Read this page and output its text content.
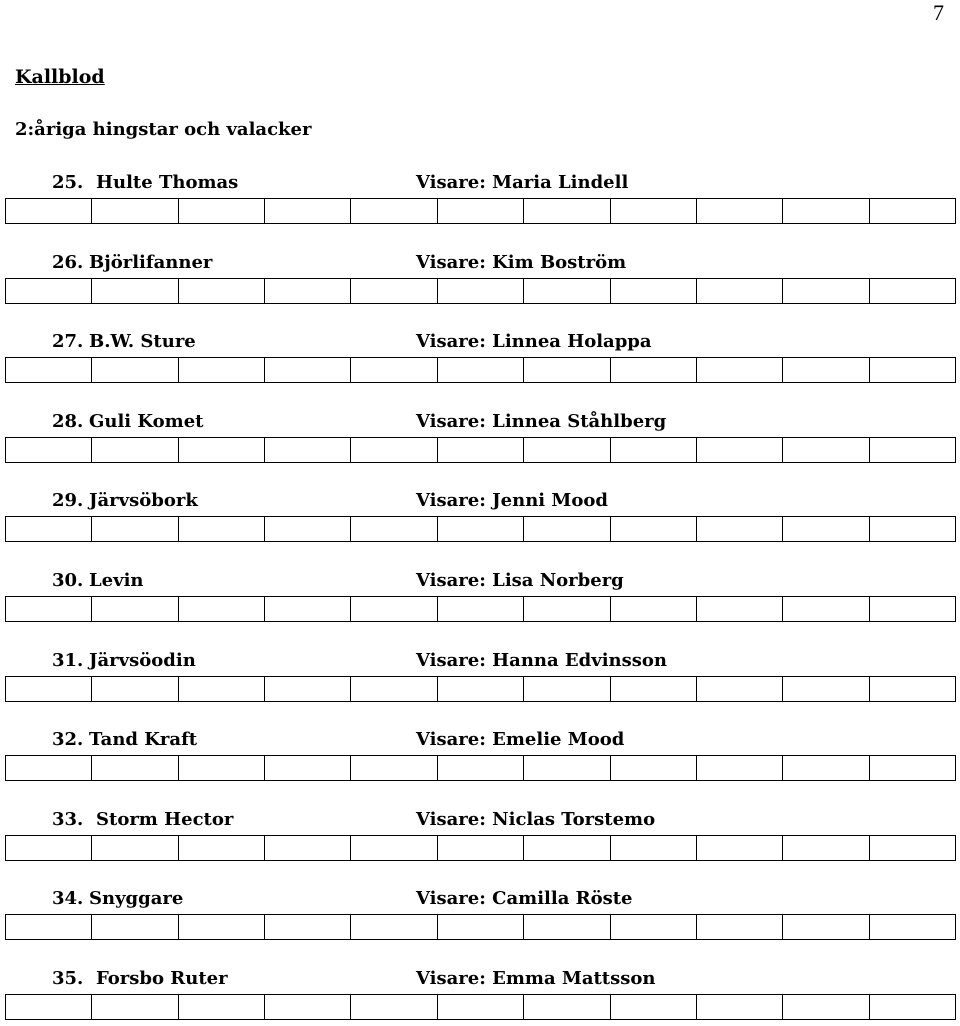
7
Kallblod
2:åriga hingstar och valacker
25. Hulte Thomas	Visare: Maria Lindell

26. Björlifanner	Visare: Kim Boström

27. B.W. Sture	Visare: Linnea Holappa

28. Guli Komet	Visare: Linnea Ståhlberg

29. Järvsöbork	Visare: Jenni Mood

30. Levin	Visare: Lisa Norberg

31. Järvsöodin	Visare: Hanna Edvinsson

32. Tand Kraft	Visare: Emelie Mood

33. Storm Hector	Visare: Niclas Torstemo

34. Snyggare	Visare: Camilla Röste

35. Forsbo Ruter	Visare: Emma Mattsson
